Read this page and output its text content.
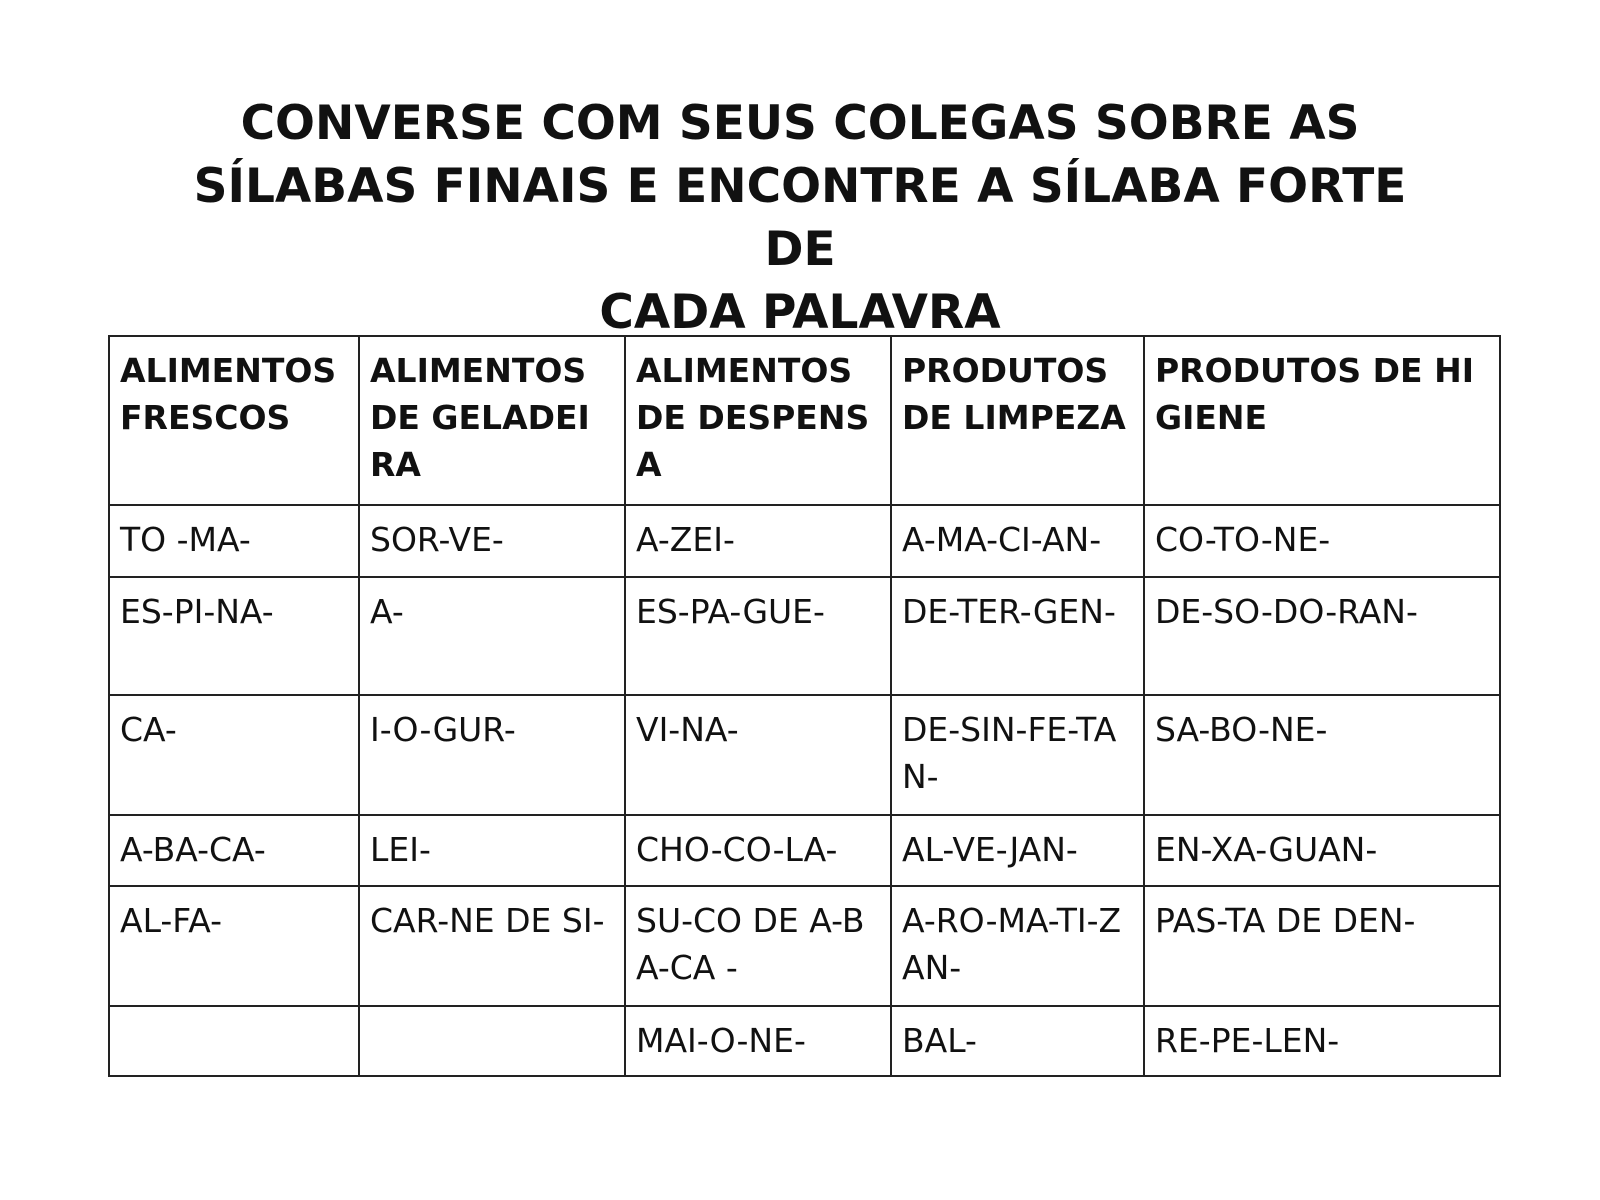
CONVERSE COM SEUS COLEGAS SOBRE AS
SÍLABAS FINAIS E ENCONTRE A SÍLABA FORTE DE
CADA PALAVRA
ALIMENTOS FRESCOS	ALIMENTOS DE GELADEIRA	ALIMENTOS DE DESPENSA	PRODUTOS DE LIMPEZA	PRODUTOS DE HIGIENE
TO -MA-	SOR-VE-	A-ZEI-	A-MA-CI-AN-	CO-TO-NE-
ES-PI-NA-	A-	ES-PA-GUE-	DE-TER-GEN-	DE-SO-DO-RAN-
CA-	I-O-GUR-	VI-NA-	DE-SIN-FE-TAN-	SA-BO-NE-
A-BA-CA-	LEI-	CHO-CO-LA-	AL-VE-JAN-	EN-XA-GUAN-
AL-FA-	CAR-NE DE SI-	SU-CO DE A-BA-CA -	A-RO-MA-TI-ZAN-	PAS-TA DE DEN-
		MAI-O-NE-	BAL-	RE-PE-LEN-
